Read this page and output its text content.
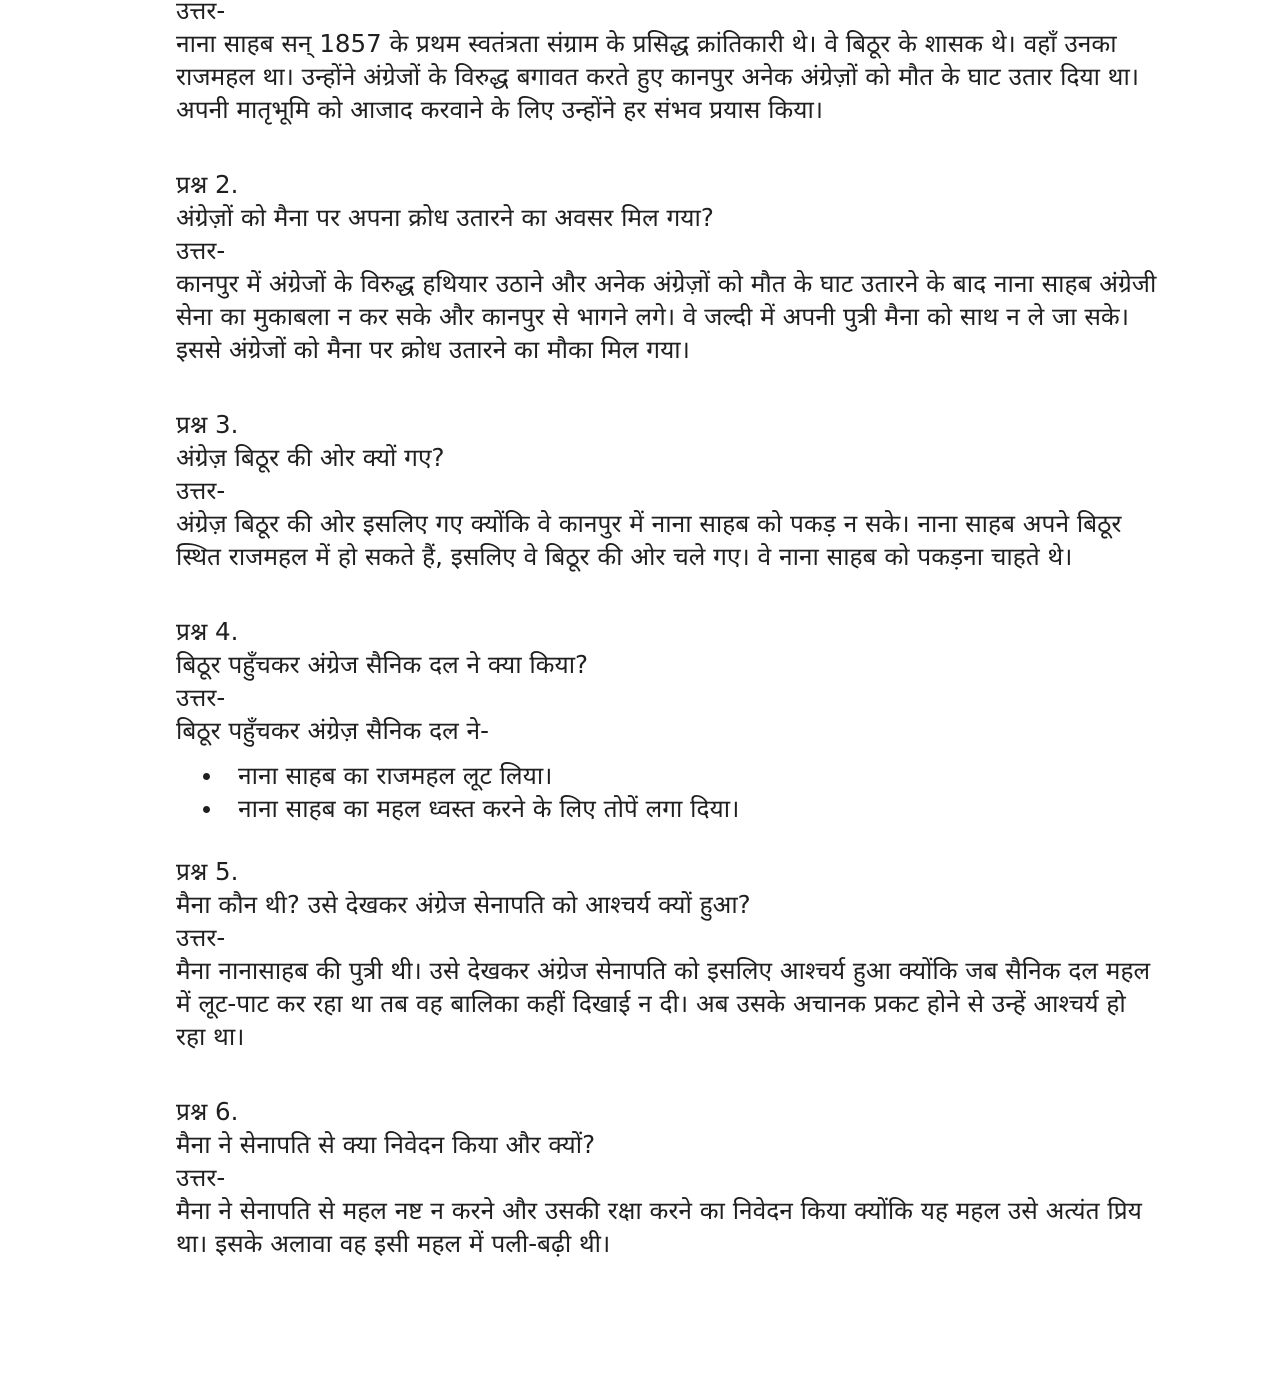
उत्तर-

नाना साहब सन् 1857 के प्रथम स्वतंत्रता संग्राम के प्रसिद्ध क्रांतिकारी थे। वे बिठूर के शासक थे। वहाँ उनका राजमहल था। उन्होंने अंग्रेजों के विरुद्ध बगावत करते हुए कानपुर अनेक अंग्रेज़ों को मौत के घाट उतार दिया था। अपनी मातृभूमि को आजाद करवाने के लिए उन्होंने हर संभव प्रयास किया।

प्रश्न 2.

अंग्रेज़ों को मैना पर अपना क्रोध उतारने का अवसर मिल गया?

उत्तर-

कानपुर में अंग्रेजों के विरुद्ध हथियार उठाने और अनेक अंग्रेज़ों को मौत के घाट उतारने के बाद नाना साहब अंग्रेजी सेना का मुकाबला न कर सके और कानपुर से भागने लगे। वे जल्दी में अपनी पुत्री मैना को साथ न ले जा सके। इससे अंग्रेजों को मैना पर क्रोध उतारने का मौका मिल गया।

प्रश्न 3.

अंग्रेज़ बिठूर की ओर क्यों गए?

उत्तर-

अंग्रेज़ बिठूर की ओर इसलिए गए क्योंकि वे कानपुर में नाना साहब को पकड़ न सके। नाना साहब अपने बिठूर स्थित राजमहल में हो सकते हैं, इसलिए वे बिठूर की ओर चले गए। वे नाना साहब को पकड़ना चाहते थे।

प्रश्न 4.

बिठूर पहुँचकर अंग्रेज सैनिक दल ने क्या किया?

उत्तर-

बिठूर पहुँचकर अंग्रेज़ सैनिक दल ने-

नाना साहब का राजमहल लूट लिया।
नाना साहब का महल ध्वस्त करने के लिए तोपें लगा दिया।

प्रश्न 5.

मैना कौन थी? उसे देखकर अंग्रेज सेनापति को आश्चर्य क्यों हुआ?

उत्तर-

मैना नानासाहब की पुत्री थी। उसे देखकर अंग्रेज सेनापति को इसलिए आश्चर्य हुआ क्योंकि जब सैनिक दल महल में लूट-पाट कर रहा था तब वह बालिका कहीं दिखाई न दी। अब उसके अचानक प्रकट होने से उन्हें आश्चर्य हो रहा था।

प्रश्न 6.

मैना ने सेनापति से क्या निवेदन किया और क्यों?

उत्तर-

मैना ने सेनापति से महल नष्ट न करने और उसकी रक्षा करने का निवेदन किया क्योंकि यह महल उसे अत्यंत प्रिय था। इसके अलावा वह इसी महल में पली-बढ़ी थी।
